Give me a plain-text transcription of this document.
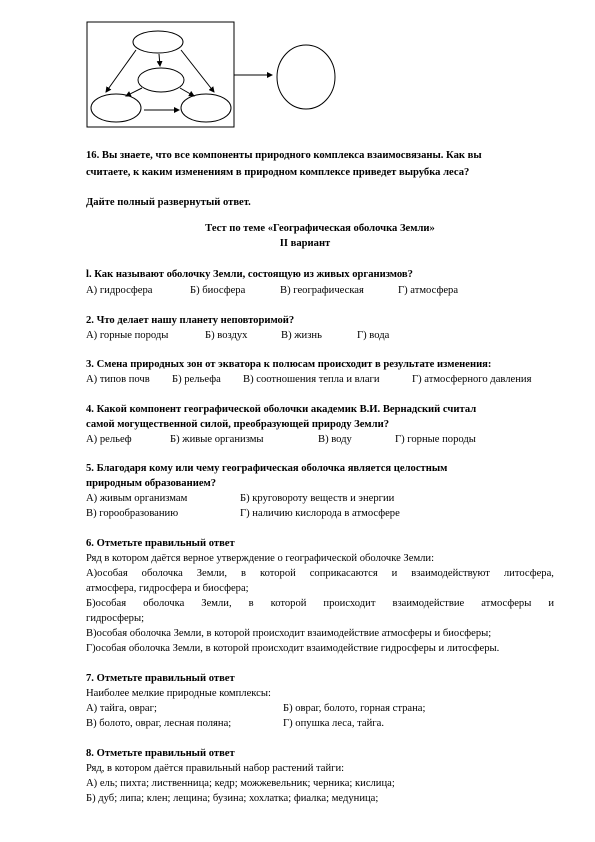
16. Вы знаете, что все компоненты природного комплекса взаимосвязаны. Как вы
считаете, к каким изменениям в природном комплексе приведет вырубка леса?
Дайте полный развернутый ответ.
Тест по теме «Географическая оболочка Земли»
II вариант
l. Как называют оболочку Земли, состоящую из живых организмов?
А) гидросфера	Б) биосфера	В) географическая	Г) атмосфера
2. Что делает нашу планету неповторимой?
А) горные породы	Б) воздух	В) жизнь	Г) вода
3. Смена природных зон от экватора к полюсам происходит в результате изменения:
А) типов почв Б) рельефа В) соотношения тепла и влаги	Г) атмосферного давления
4. Какой компонент географической оболочки академик В.И. Вернадский считал
самой могущественной силой, преобразующей природу Земли?
А) рельеф	Б) живые организмы	В) воду	Г) горные породы
5. Благодаря кому или чему географическая оболочка является целостным
природным образованием?
А) живым организмам	Б) круговороту веществ и энергии
В) горообразованию	Г) наличию кислорода в атмосфере
6. Отметьте правильный ответ
Ряд в котором даётся верное утверждение о географической оболочке Земли:
А)особая оболочка Земли, в которой соприкасаются и взаимодействуют литосфера,
атмосфера, гидросфера и биосфера;
Б)особая оболочка Земли, в которой происходит взаимодействие атмосферы и
гидросферы;
В)особая оболочка Земли, в которой происходит взаимодействие атмосферы и биосферы;
Г)особая оболочка Земли, в которой происходит взаимодействие гидросферы и литосферы.
7. Отметьте правильный ответ
Наиболее мелкие природные комплексы:
А) тайга, овраг;	Б) овраг, болото, горная страна;
В) болото, овраг, лесная поляна;	Г) опушка леса, тайга.
8. Отметьте правильный ответ
Ряд, в котором даётся правильный набор растений тайги:
А) ель; пихта; лиственница; кедр; можжевельник; черника; кислица;
Б) дуб; липа; клен; лещина; бузина; хохлатка; фиалка; медуница;
